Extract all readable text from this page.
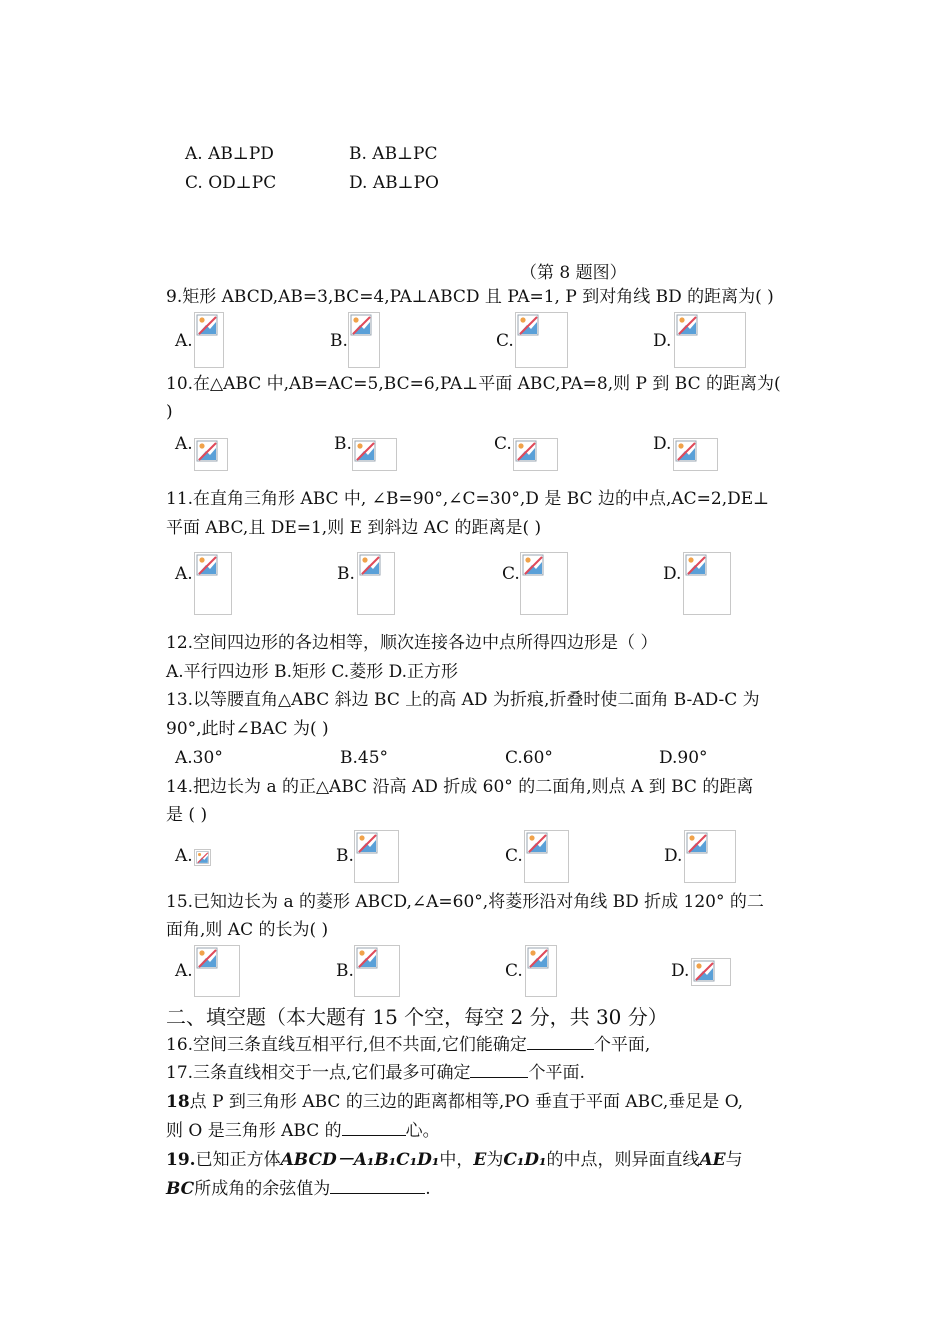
A. AB⊥PD	B. AB⊥PC
C. OD⊥PC	D. AB⊥PO
（第 8 题图）
9.矩形 ABCD,AB=3,BC=4,PA⊥ABCD 且 PA=1, P 到对角线 BD 的距离为( )
A.	B.	C.	D.
10.在△ABC 中,AB=AC=5,BC=6,PA⊥平面 ABC,PA=8,则 P 到 BC 的距离为(
)
A.	B.	C.	D.
11.在直角三角形 ABC 中, ∠B=90°,∠C=30°,D 是 BC 边的中点,AC=2,DE⊥
平面 ABC,且 DE=1,则 E 到斜边 AC 的距离是( )
A.	B.	C.	D.
12.空间四边形的各边相等，顺次连接各边中点所得四边形是（ ）
A.平行四边形 B.矩形 C.菱形 D.正方形
13.以等腰直角△ABC 斜边 BC 上的高 AD 为折痕,折叠时使二面角 B-AD-C 为
90°,此时∠BAC 为( )
A.30°	B.45°	C.60°	D.90°
14.把边长为 a 的正△ABC 沿高 AD 折成 60° 的二面角,则点 A 到 BC 的距离
是 ( )
A.	B.	C.	D.
15.已知边长为 a 的菱形 ABCD,∠A=60°,将菱形沿对角线 BD 折成 120° 的二
面角,则 AC 的长为( )
A.	B.	C.	D.
二、填空题（本大题有 15 个空，每空 2 分，共 30 分）
16.空间三条直线互相平行,但不共面,它们能确定	个平面,
17.三条直线相交于一点,它们最多可确定	个平面.
18点 P 到三角形 ABC 的三边的距离都相等,PO 垂直于平面 ABC,垂足是 O,
则 O 是三角形 ABC 的	心。
19.已知正方体ABCD－A₁B₁C₁D₁中，E为C₁D₁的中点，则异面直线AE与
BC所成角的余弦值为	.
